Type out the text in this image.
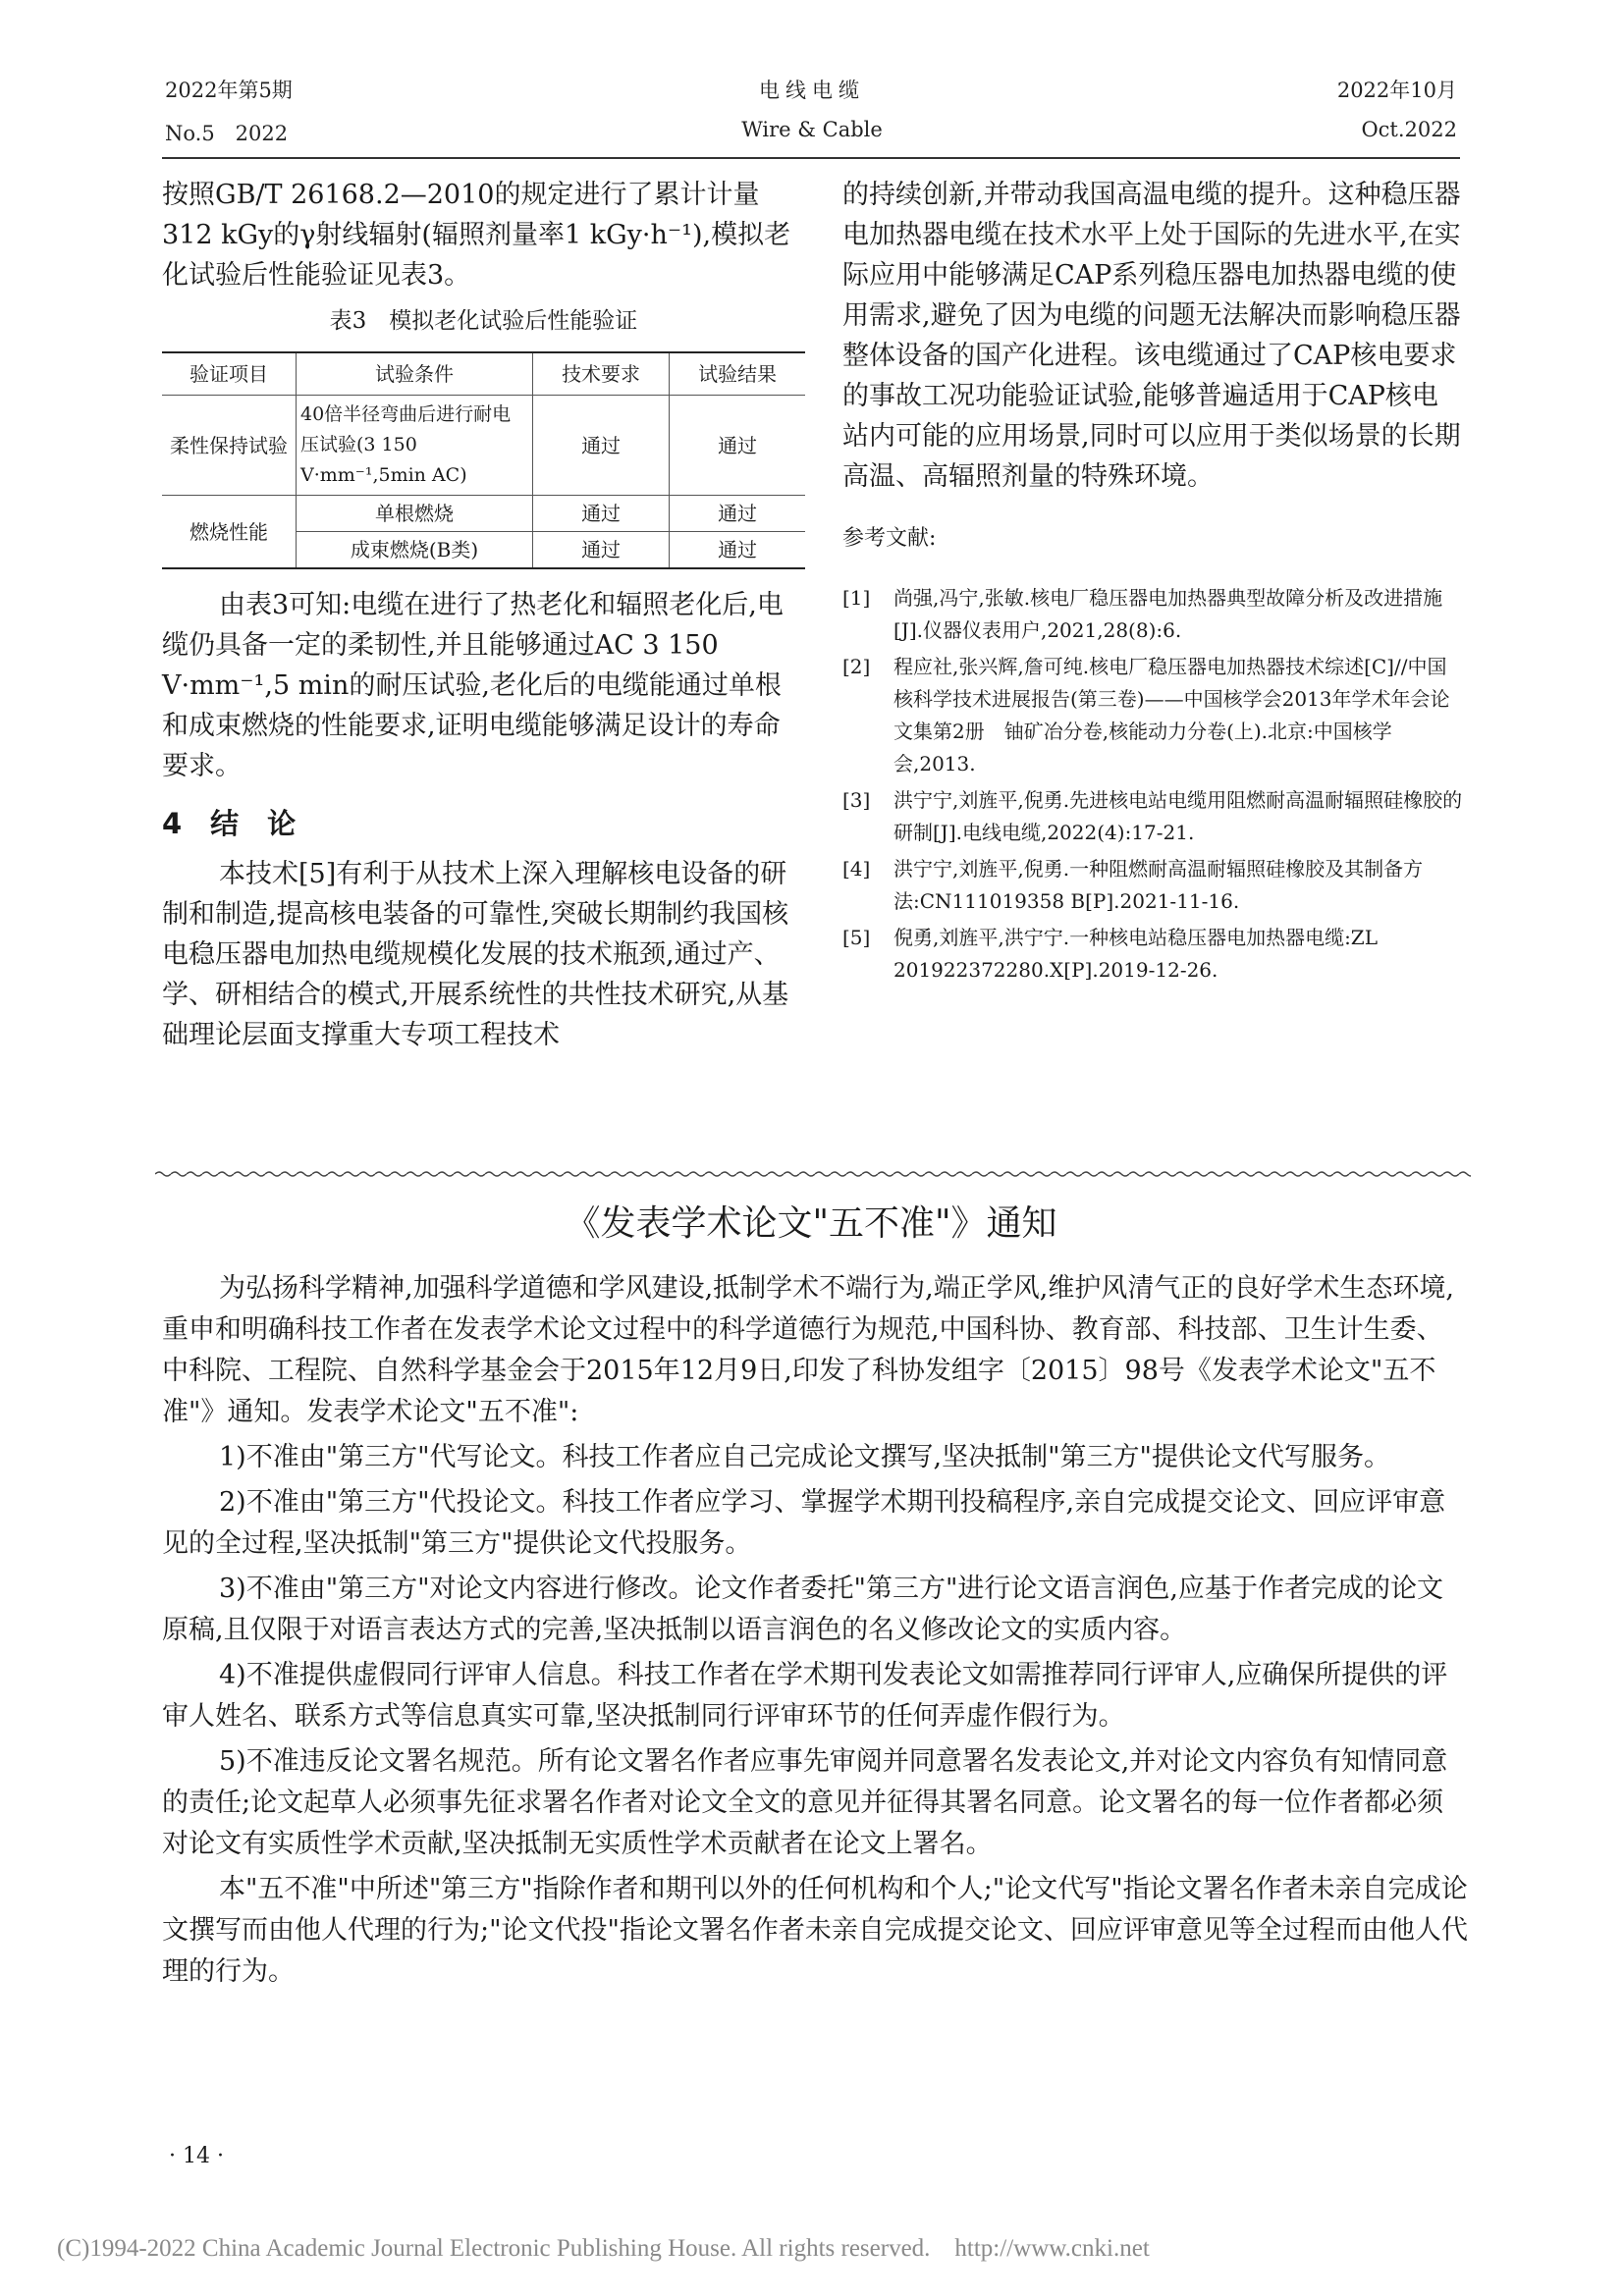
2022年第5期
No.5　2022
电线电缆
Wire & Cable
2022年10月
Oct.2022

按照GB/T 26168.2—2010的规定进行了累计计量312 kGy的γ射线辐射(辐照剂量率1 kGy·h⁻¹),模拟老化试验后性能验证见表3。

表3　模拟老化试验后性能验证
验证项目	试验条件	技术要求	试验结果
柔性保持试验	40倍半径弯曲后进行耐电压试验(3 150 V·mm⁻¹,5min AC)	通过	通过
燃烧性能	单根燃烧	通过	通过
	成束燃烧(B类)	通过	通过

由表3可知:电缆在进行了热老化和辐照老化后,电缆仍具备一定的柔韧性,并且能够通过AC 3 150 V·mm⁻¹,5 min的耐压试验,老化后的电缆能通过单根和成束燃烧的性能要求,证明电缆能够满足设计的寿命要求。

4　结　论

本技术[5]有利于从技术上深入理解核电设备的研制和制造,提高核电装备的可靠性,突破长期制约我国核电稳压器电加热电缆规模化发展的技术瓶颈,通过产、学、研相结合的模式,开展系统性的共性技术研究,从基础理论层面支撑重大专项工程技术

的持续创新,并带动我国高温电缆的提升。这种稳压器电加热器电缆在技术水平上处于国际的先进水平,在实际应用中能够满足CAP系列稳压器电加热器电缆的使用需求,避免了因为电缆的问题无法解决而影响稳压器整体设备的国产化进程。该电缆通过了CAP核电要求的事故工况功能验证试验,能够普遍适用于CAP核电站内可能的应用场景,同时可以应用于类似场景的长期高温、高辐照剂量的特殊环境。

参考文献:
[1]	尚强,冯宁,张敏.核电厂稳压器电加热器典型故障分析及改进措施[J].仪器仪表用户,2021,28(8):6.
[2]	程应社,张兴辉,詹可纯.核电厂稳压器电加热器技术综述[C]//中国核科学技术进展报告(第三卷)——中国核学会2013年学术年会论文集第2册　铀矿冶分卷,核能动力分卷(上).北京:中国核学会,2013.
[3]	洪宁宁,刘旌平,倪勇.先进核电站电缆用阻燃耐高温耐辐照硅橡胶的研制[J].电线电缆,2022(4):17-21.
[4]	洪宁宁,刘旌平,倪勇.一种阻燃耐高温耐辐照硅橡胶及其制备方法:CN111019358 B[P].2021-11-16.
[5]	倪勇,刘旌平,洪宁宁.一种核电站稳压器电加热器电缆:ZL 201922372280.X[P].2019-12-26.
《发表学术论文"五不准"》通知

为弘扬科学精神,加强科学道德和学风建设,抵制学术不端行为,端正学风,维护风清气正的良好学术生态环境,重申和明确科技工作者在发表学术论文过程中的科学道德行为规范,中国科协、教育部、科技部、卫生计生委、中科院、工程院、自然科学基金会于2015年12月9日,印发了科协发组字〔2015〕98号《发表学术论文"五不准"》通知。发表学术论文"五不准":

1)不准由"第三方"代写论文。科技工作者应自己完成论文撰写,坚决抵制"第三方"提供论文代写服务。

2)不准由"第三方"代投论文。科技工作者应学习、掌握学术期刊投稿程序,亲自完成提交论文、回应评审意见的全过程,坚决抵制"第三方"提供论文代投服务。

3)不准由"第三方"对论文内容进行修改。论文作者委托"第三方"进行论文语言润色,应基于作者完成的论文原稿,且仅限于对语言表达方式的完善,坚决抵制以语言润色的名义修改论文的实质内容。

4)不准提供虚假同行评审人信息。科技工作者在学术期刊发表论文如需推荐同行评审人,应确保所提供的评审人姓名、联系方式等信息真实可靠,坚决抵制同行评审环节的任何弄虚作假行为。

5)不准违反论文署名规范。所有论文署名作者应事先审阅并同意署名发表论文,并对论文内容负有知情同意的责任;论文起草人必须事先征求署名作者对论文全文的意见并征得其署名同意。论文署名的每一位作者都必须对论文有实质性学术贡献,坚决抵制无实质性学术贡献者在论文上署名。

本"五不准"中所述"第三方"指除作者和期刊以外的任何机构和个人;"论文代写"指论文署名作者未亲自完成论文撰写而由他人代理的行为;"论文代投"指论文署名作者未亲自完成提交论文、回应评审意见等全过程而由他人代理的行为。

· 14 ·
(C)1994-2022 China Academic Journal Electronic Publishing House. All rights reserved.　http://www.cnki.net
